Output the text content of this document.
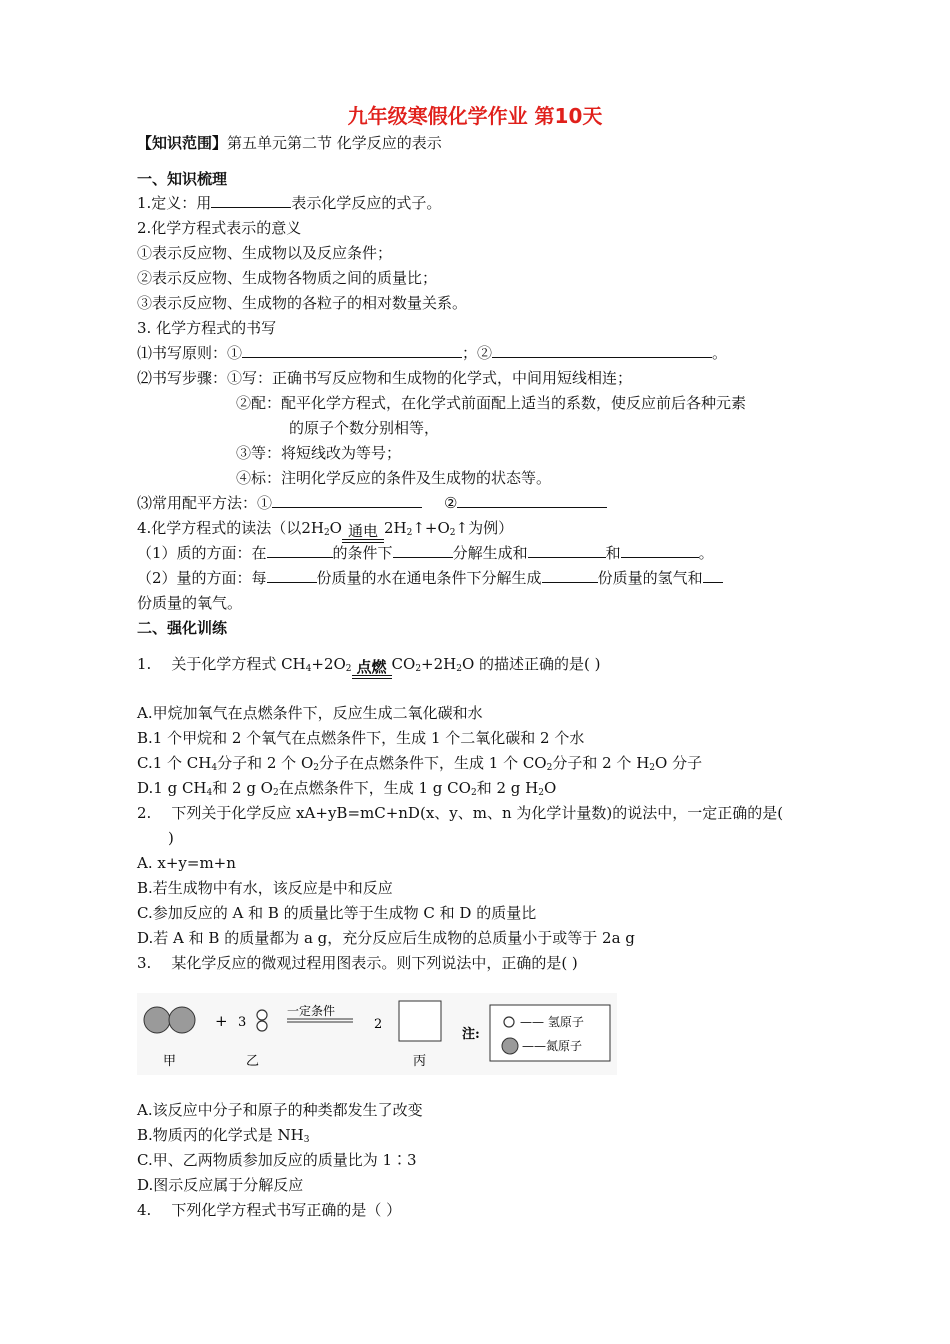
九年级寒假化学作业 第10天
【知识范围】第五单元第二节 化学反应的表示
一、知识梳理
1.定义：用	表示化学反应的式子。
2.化学方程式表示的意义
①表示反应物、生成物以及反应条件；
②表示反应物、生成物各物质之间的质量比；
③表示反应物、生成物的各粒子的相对数量关系。
3. 化学方程式的书写
⑴书写原则：①	；②	。
⑵书写步骤：①写：正确书写反应物和生成物的化学式，中间用短线相连；
②配：配平化学方程式，在化学式前面配上适当的系数，使反应前后各种元素
的原子个数分别相等，
③等：将短线改为等号；
④标：注明化学反应的条件及生成物的状态等。
⑶常用配平方法：①	②
4.化学方程式的读法（以$2H_2O$ 通电 $2H_2↑+O_2↑$为例）
（1）质的方面：在	的条件下	分解生成和	和	。
（2）量的方面：每	份质量的水在通电条件下分解生成	份质量的氢气和
份质量的氧气。
二、强化训练
1. 关于化学方程式 $CH_4+2O_2$ 点燃 $CO_2+2H_2O$ 的描述正确的是( )
A.甲烷加氧气在点燃条件下，反应生成二氧化碳和水
B.1 个甲烷和 2 个氧气在点燃条件下，生成 1 个二氧化碳和 2 个水
C.1 个 $CH_4$分子和 2 个 $O_2$分子在点燃条件下，生成 1 个 $CO_2$分子和 2 个 $H_2O$ 分子
D.1 g $CH_4$和 2 g $O_2$在点燃条件下，生成 1 g $CO_2$和 2 g $H_2O$
2. 下列关于化学反应 xA+yB=mC+nD(x、y、m、n 为化学计量数)的说法中，一定正确的是(
)
A. x+y=m+n
B.若生成物中有水，该反应是中和反应
C.参加反应的 A 和 B 的质量比等于生成物 C 和 D 的质量比
D.若 A 和 B 的质量都为 a g，充分反应后生成物的总质量小于或等于 2a g
3. 某化学反应的微观过程用图表示。则下列说法中，正确的是( )
+ 3
一定条件
2
注:
—— 氢原子
——氮原子
甲	乙	丙
A.该反应中分子和原子的种类都发生了改变
B.物质丙的化学式是 $NH_3$
C.甲、乙两物质参加反应的质量比为 1∶3
D.图示反应属于分解反应
4. 下列化学方程式书写正确的是（ ）
